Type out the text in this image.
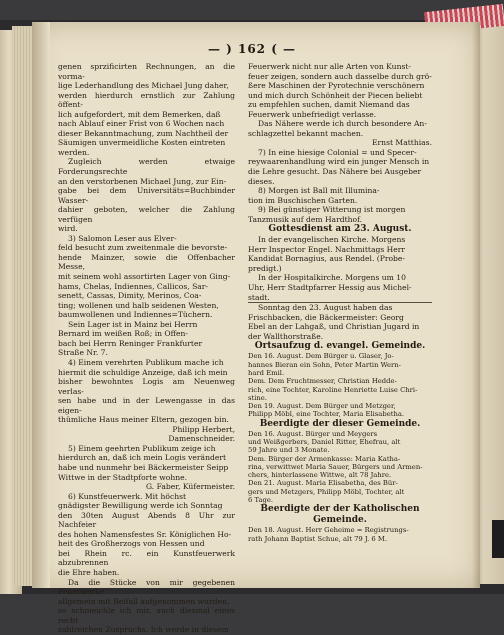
— ) 162 ( —

genen sprzificirten Rechnungen, an die vorma-

lige Lederhandlung des Michael Jung daher,

werden hierdurch ernstlich zur Zahlung öffent-

lich aufgefordert, mit dem Bemerken, daß

nach Ablauf einer Frist von 6 Wochen nach

dieser Bekanntmachung, zum Nachtheil der

Säumigen unvermeidliche Kosten eintreten

werden.

Zugleich werden etwaige Forderungsrechte

an den verstorbenen Michael Jung, zur Ein-

gabe bei dem Universitäts=Buchbinder Wasser-

dahier geboten, welcher die Zahlung verfügen

wird.

3) Salomon Leser aus Elver-

feld besucht zum zweitenmale die bevorste-

hende Mainzer, sowie die Offenbacher Messe,

mit seinem wohl assortirten Lager von Ging-

hams, Chelas, Indiennes, Callicos, Sar-

senett, Cassas, Dimity, Merinos, Coa-

ting; wollenen und halb seidenen Westen,

baumwollenen und Indiennes=Tüchern.

Sein Lager ist in Mainz bei Herrn

Bernard im weißen Roß; in Offen-

bach bei Herrn Reninger Frankfurter

Straße Nr. 7.

4) Einem verehrten Publikum mache ich

hiermit die schuldige Anzeige, daß ich mein

bisher bewohntes Logis am Neuenweg verlas-

sen habe und in der Lewengasse in das eigen-

thümliche Haus meiner Eltern, gezogen bin.

Philipp Herbert,

Damenschneider.

5) Einem geehrten Publikum zeige ich

hierdurch an, daß ich mein Logis verändert

habe und nunmehr bei Bäckermeister Seipp

Wittwe in der Stadtpforte wohne.

G. Faber, Küfermeister.

6) Kunstfeuerwerk. Mit höchst

gnädigster Bewilligung werde ich Sonntag

den 30ten August Abends 8 Uhr zur Nachfeier

des hohen Namensfestes Sr. Königlichen Ho-

heit des Großherzogs von Hessen und

bei Rhein rc. ein Kunstfeuerwerk abzubrennen

die Ehre haben.

Da die Stücke von mir gegebenen Feuerwerke

allgemein mit Beifall aufgenommen wurden,

so schmeichle ich mir, auch diesmal eines recht

zahlreichen Zuspruchs. Ich werde in diesem

Feuerwerk nicht nur alle Arten von Kunst-

feuer zeigen, sondern auch dasselbe durch grö-

ßere Maschinen der Pyrotechnie verschönern

und mich durch Schönheit der Piecen beliebt

zu empfehlen suchen, damit Niemand das

Feuerwerk unbefriedigt verlasse.

Das Nähere werde ich durch besondere An-

schlagzettel bekannt machen.

Ernst Matthias.

7) In eine hiesige Colonial = und Specer-

reywaarenhandlung wird ein junger Mensch in

die Lehre gesucht. Das Nähere bei Ausgeber

dieses.

8) Morgen ist Ball mit Illumina-

tion im Buschischen Garten.

9) Bei günstiger Witterung ist morgen

Tanzmusik auf dem Hardthof.

Gottesdienst am 23. August.

In der evangelischen Kirche. Morgens

Herr Inspector Engel. Nachmittags Herr

Kandidat Bornagius, aus Rendel. (Probe-

predigt.)

In der Hospitalkirche. Morgens um 10

Uhr, Herr Stadtpfarrer Hessig aus Michel-

stadt.

Sonntag den 23. August haben das

Frischbacken, die Bäckermeister: Georg

Ebel an der Lahgaß, und Christian Jugard in

der Wallthorstraße.

Ortsaufzug d. evangel. Gemeinde.

Den 16. August. Dem Bürger u. Glaser, Jo-

hannes Bieran ein Sohn, Peter Martin Wern-

hard Emil.

Dem. Dem Fruchtmesser, Christian Hedde-

rich, eine Tochter, Karoline Henriette Luise Chri-

stine.

Den 19. August. Dem Bürger und Metzger,

Philipp Möbl, eine Tochter, Maria Elisabetha.

Beerdigte der dieser Gemeinde.

Den 16. August. Bürger und Meygers

und Weißgerbers, Daniel Ritter, Ehefrau, alt

59 Jahre und 3 Monate.

Dem. Bürger der Armenkasse: Maria Katha-

rina, verwittwet Maria Sauer, Bürgers und Armen-

chers, hinterlassene Wittwe, alt 78 Jahre.

Den 21. August. Maria Elisabetha, des Bür-

gers und Metzgers, Philipp Möbl, Tochter, alt

6 Tage.

Beerdigte der der Katholischen Gemeinde.

Den 18. August. Herr Geheime = Registrungs-

rath Johann Baptist Schue, alt 79 J. 6 M.
